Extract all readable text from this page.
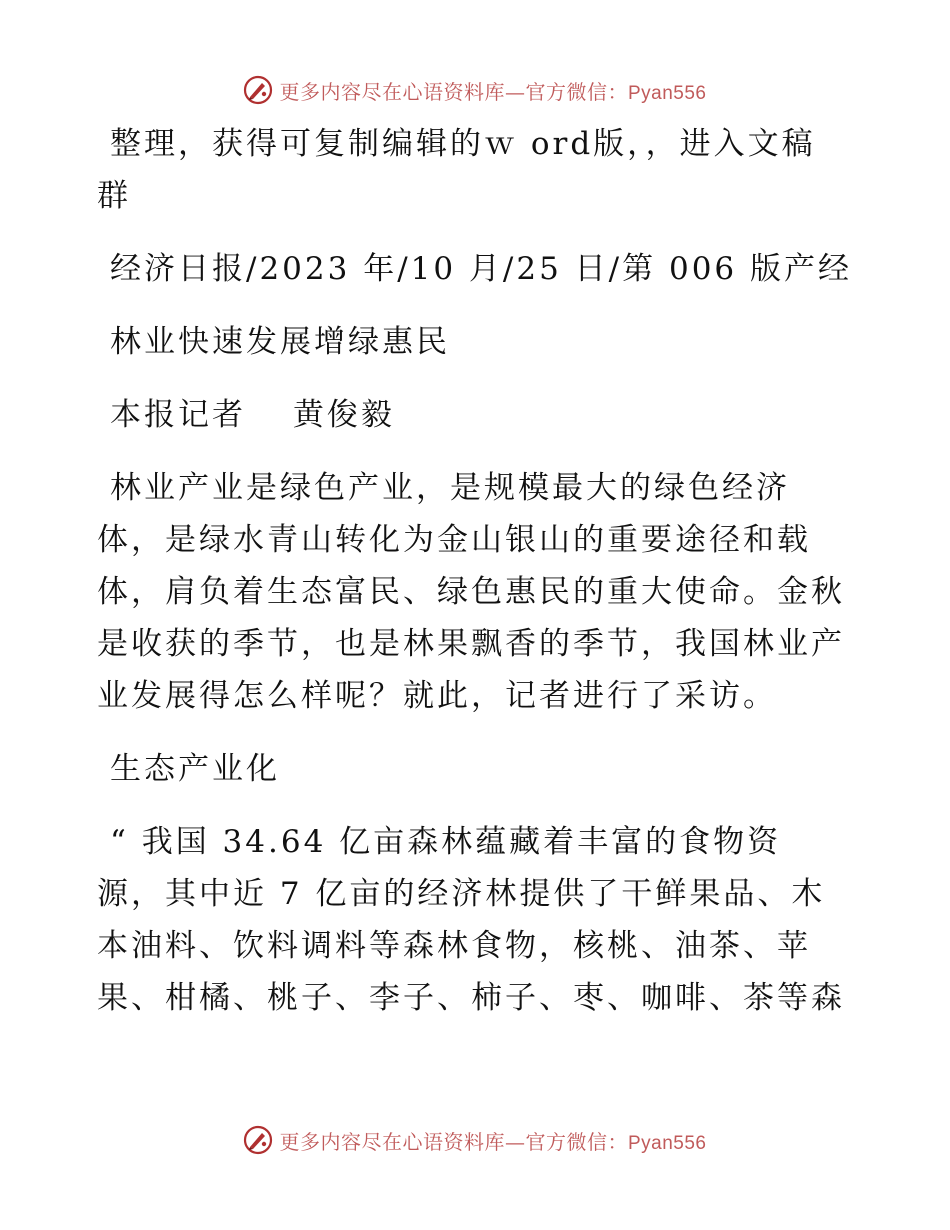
更多内容尽在心语资料库—官方微信：Pyan556
整理，获得可复制编辑的ｗ ord版，，进入文稿
群
经济日报/2023 年/10 月/25 日/第 006 版产经
林业快速发展增绿惠民
本报记者　 黄俊毅
林业产业是绿色产业，是规模最大的绿色经济
体，是绿水青山转化为金山银山的重要途径和载
体，肩负着生态富民、绿色惠民的重大使命。金秋
是收获的季节，也是林果飘香的季节，我国林业产
业发展得怎么样呢？就此，记者进行了采访。
生态产业化
“ 我国 34.64 亿亩森林蕴藏着丰富的食物资
源，其中近 7 亿亩的经济林提供了干鲜果品、木
本油料、饮料调料等森林食物，核桃、油茶、苹
果、柑橘、桃子、李子、柿子、枣、咖啡、茶等森
更多内容尽在心语资料库—官方微信：Pyan556
